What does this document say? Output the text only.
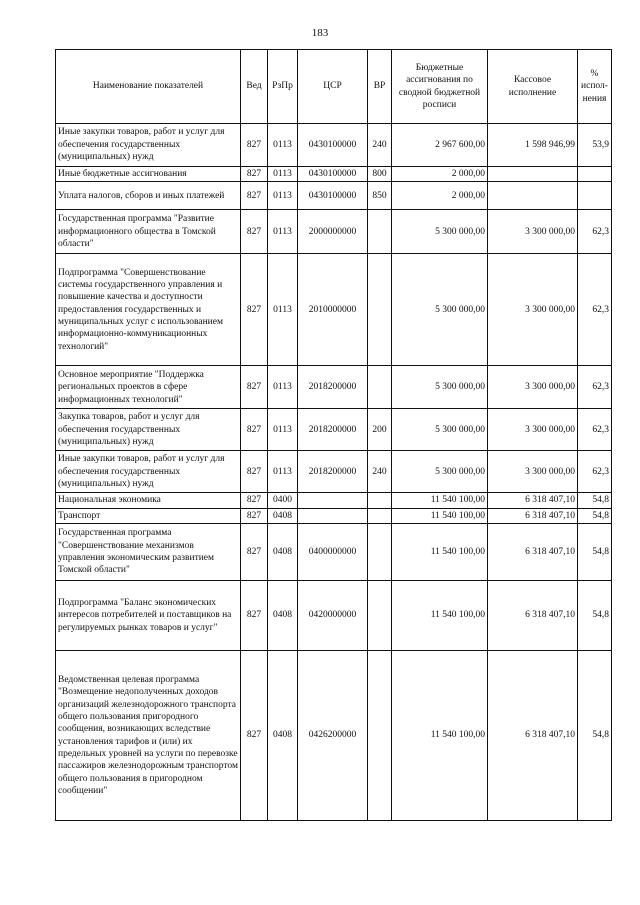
183
Наименование показателей	Вед	РзПр	ЦСР	ВР	Бюджетные ассигнования по сводной бюджетной росписи	Кассовое исполнение	% испол-нения
Иные закупки товаров, работ и услуг для обеспечения государственных (муниципальных) нужд	827	0113	0430100000	240	2 967 600,00	1 598 946,99	53,9
Иные бюджетные ассигнования	827	0113	0430100000	800	2 000,00		
Уплата налогов, сборов и иных платежей	827	0113	0430100000	850	2 000,00		
Государственная программа "Развитие информационного общества в Томской области"	827	0113	2000000000		5 300 000,00	3 300 000,00	62,3
Подпрограмма "Совершенствование системы государственного управления и повышение качества и доступности предоставления государственных и муниципальных услуг с использованием информационно-коммуникационных технологий"	827	0113	2010000000		5 300 000,00	3 300 000,00	62,3
Основное мероприятие "Поддержка региональных проектов в сфере информационных технологий"	827	0113	2018200000		5 300 000,00	3 300 000,00	62,3
Закупка товаров, работ и услуг для обеспечения государственных (муниципальных) нужд	827	0113	2018200000	200	5 300 000,00	3 300 000,00	62,3
Иные закупки товаров, работ и услуг для обеспечения государственных (муниципальных) нужд	827	0113	2018200000	240	5 300 000,00	3 300 000,00	62,3
Национальная экономика	827	0400			11 540 100,00	6 318 407,10	54,8
Транспорт	827	0408			11 540 100,00	6 318 407,10	54,8
Государственная программа "Совершенствование механизмов управления экономическим развитием Томской области"	827	0408	0400000000		11 540 100,00	6 318 407,10	54,8
Подпрограмма "Баланс экономических интересов потребителей и поставщиков на регулируемых рынках товаров и услуг"	827	0408	0420000000		11 540 100,00	6 318 407,10	54,8
Ведомственная целевая программа "Возмещение недополученных доходов организаций железнодорожного транспорта общего пользования пригородного сообщения, возникающих вследствие установления тарифов и (или) их предельных уровней на услуги по перевозке пассажиров железнодорожным транспортом общего пользования в пригородном сообщении"	827	0408	0426200000		11 540 100,00	6 318 407,10	54,8
